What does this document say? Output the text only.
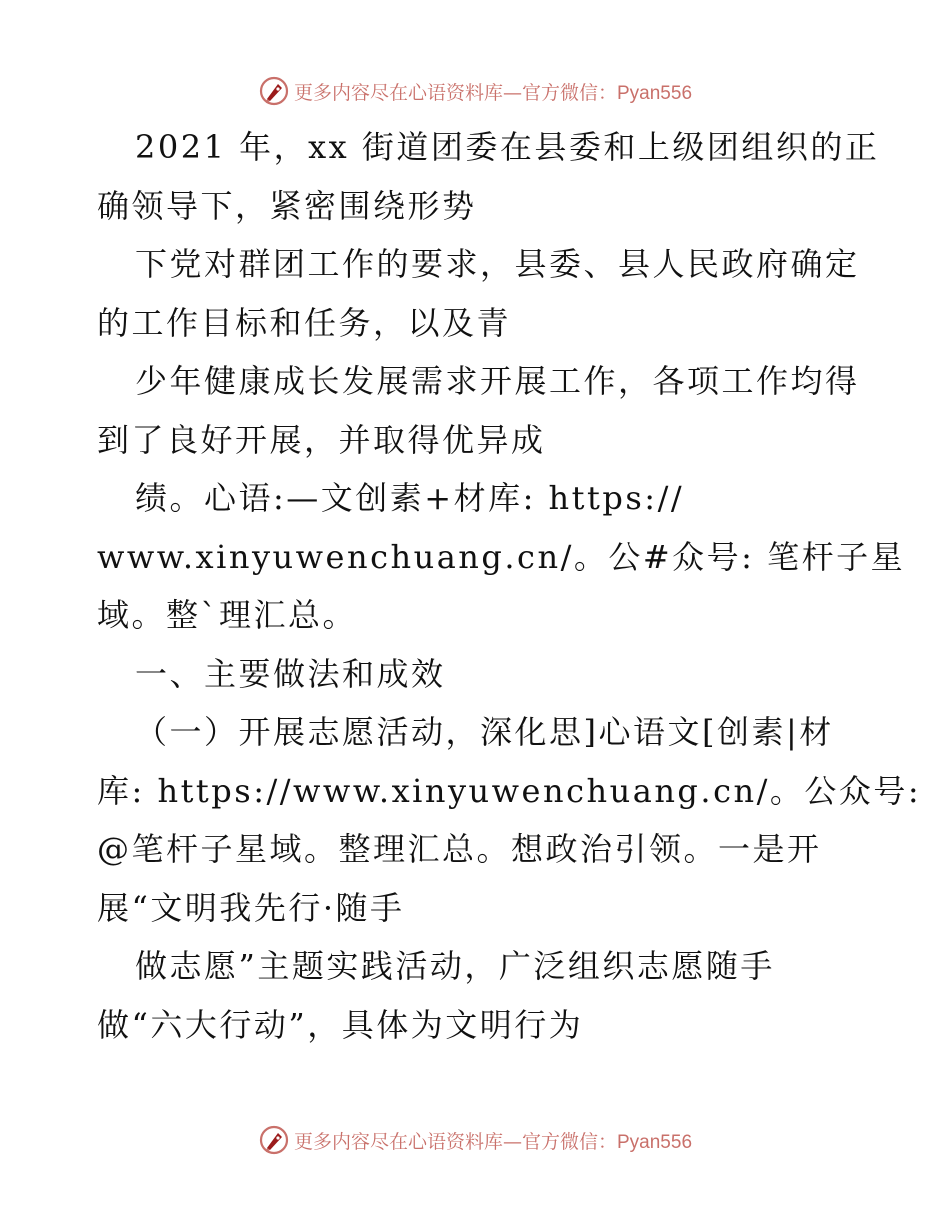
更多内容尽在心语资料库—官方微信：Pyan556
2021 年，xx 街道团委在县委和上级团组织的正
确领导下，紧密围绕形势
下党对群团工作的要求，县委、县人民政府确定
的工作目标和任务，以及青
少年健康成长发展需求开展工作，各项工作均得
到了良好开展，并取得优异成
绩。心语:—文创素+材库: https://
www.xinyuwenchuang.cn/。公#众号: 笔杆子星
域。整`理汇总。
一、主要做法和成效
（一）开展志愿活动，深化思]心语文[创素|材
库: https://www.xinyuwenchuang.cn/。公众号:
@笔杆子星域。整理汇总。想政治引领。一是开
展“文明我先行·随手
做志愿”主题实践活动，广泛组织志愿随手
做“六大行动”，具体为文明行为
更多内容尽在心语资料库—官方微信：Pyan556
